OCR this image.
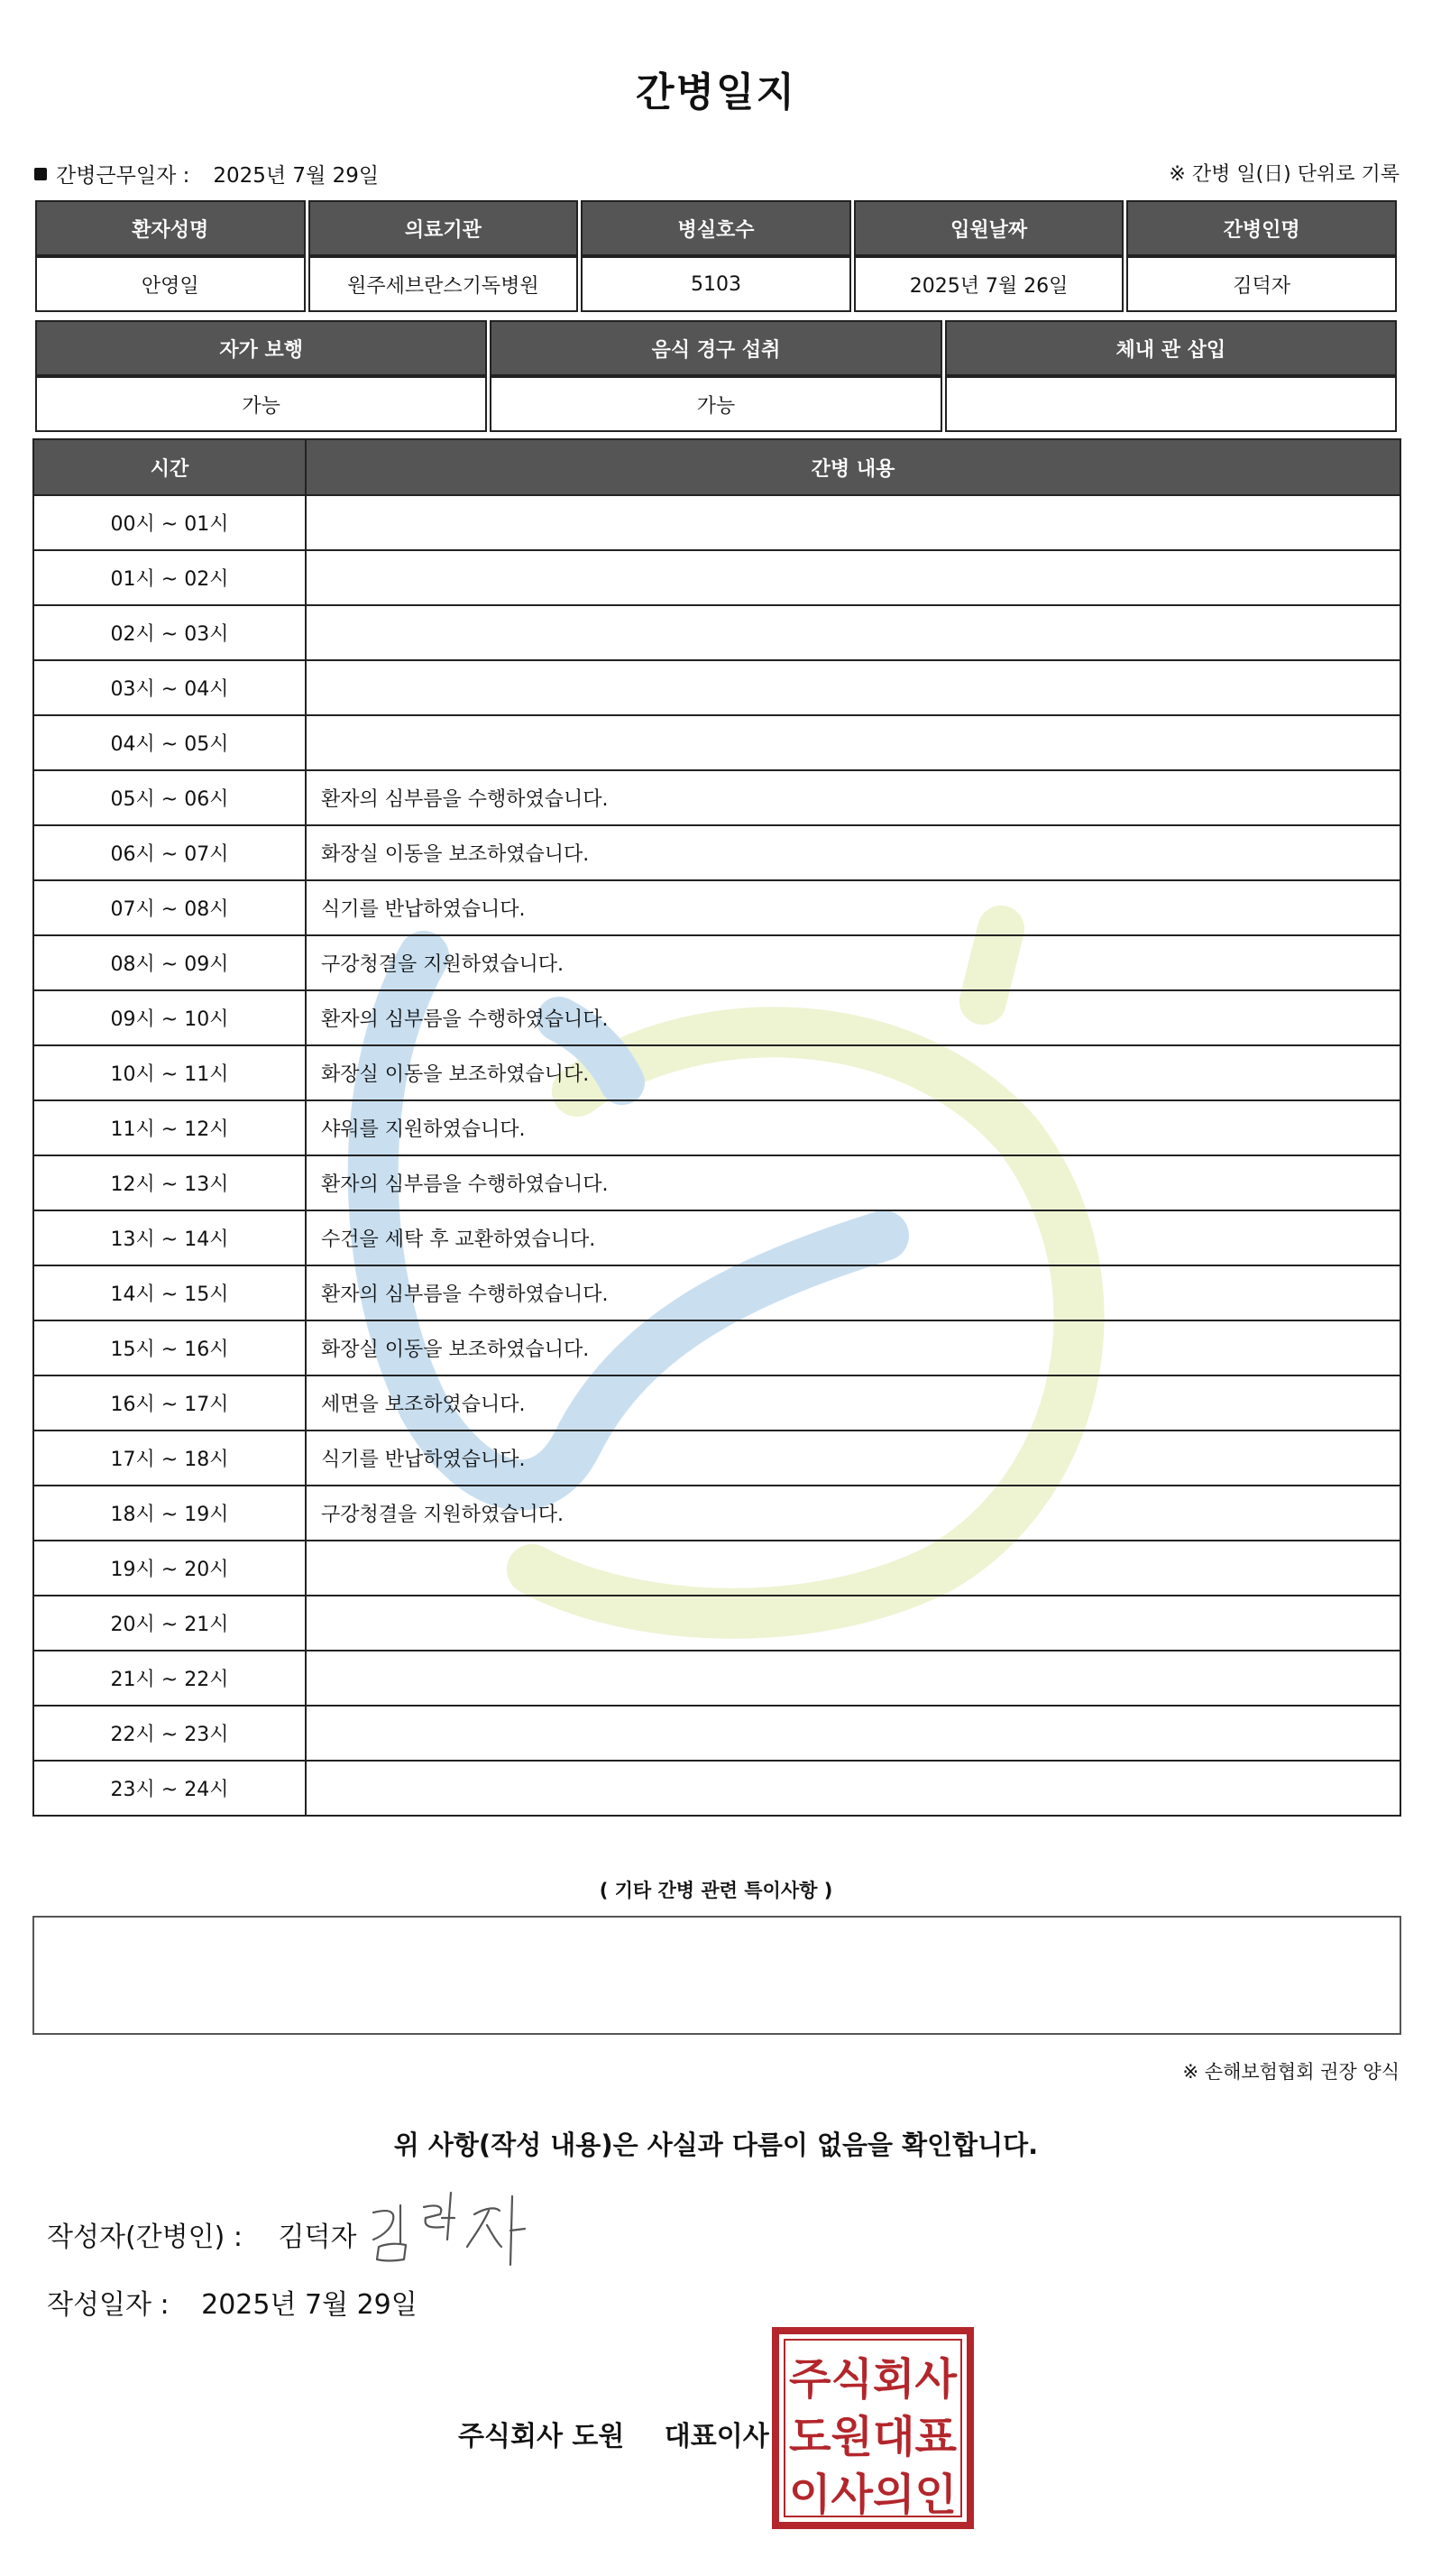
간병일지
간병근무일자 : 2025년 7월 29일	※ 간병 일(日) 단위로 기록
환자성명	의료기관	병실호수	입원날짜	간병인명
안영일	원주세브란스기독병원	5103	2025년 7월 26일	김덕자
자가 보행	음식 경구 섭취	체내 관 삽입
가능	가능	
시간	간병 내용
00시 ~ 01시	
01시 ~ 02시	
02시 ~ 03시	
03시 ~ 04시	
04시 ~ 05시	
05시 ~ 06시	환자의 심부름을 수행하였습니다.
06시 ~ 07시	화장실 이동을 보조하였습니다.
07시 ~ 08시	식기를 반납하였습니다.
08시 ~ 09시	구강청결을 지원하였습니다.
09시 ~ 10시	환자의 심부름을 수행하였습니다.
10시 ~ 11시	화장실 이동을 보조하였습니다.
11시 ~ 12시	샤워를 지원하였습니다.
12시 ~ 13시	환자의 심부름을 수행하였습니다.
13시 ~ 14시	수건을 세탁 후 교환하였습니다.
14시 ~ 15시	환자의 심부름을 수행하였습니다.
15시 ~ 16시	화장실 이동을 보조하였습니다.
16시 ~ 17시	세면을 보조하였습니다.
17시 ~ 18시	식기를 반납하였습니다.
18시 ~ 19시	구강청결을 지원하였습니다.
19시 ~ 20시	
20시 ~ 21시	
21시 ~ 22시	
22시 ~ 23시	
23시 ~ 24시	
( 기타 간병 관련 특이사항 )
※ 손해보험협회 권장 양식
위 사항(작성 내용)은 사실과 다름이 없음을 확인합니다.
작성자(간병인) : 김덕자
작성일자 : 2025년 7월 29일
주식회사 도원 대표이사
주식회사
도원대표
이사의인
